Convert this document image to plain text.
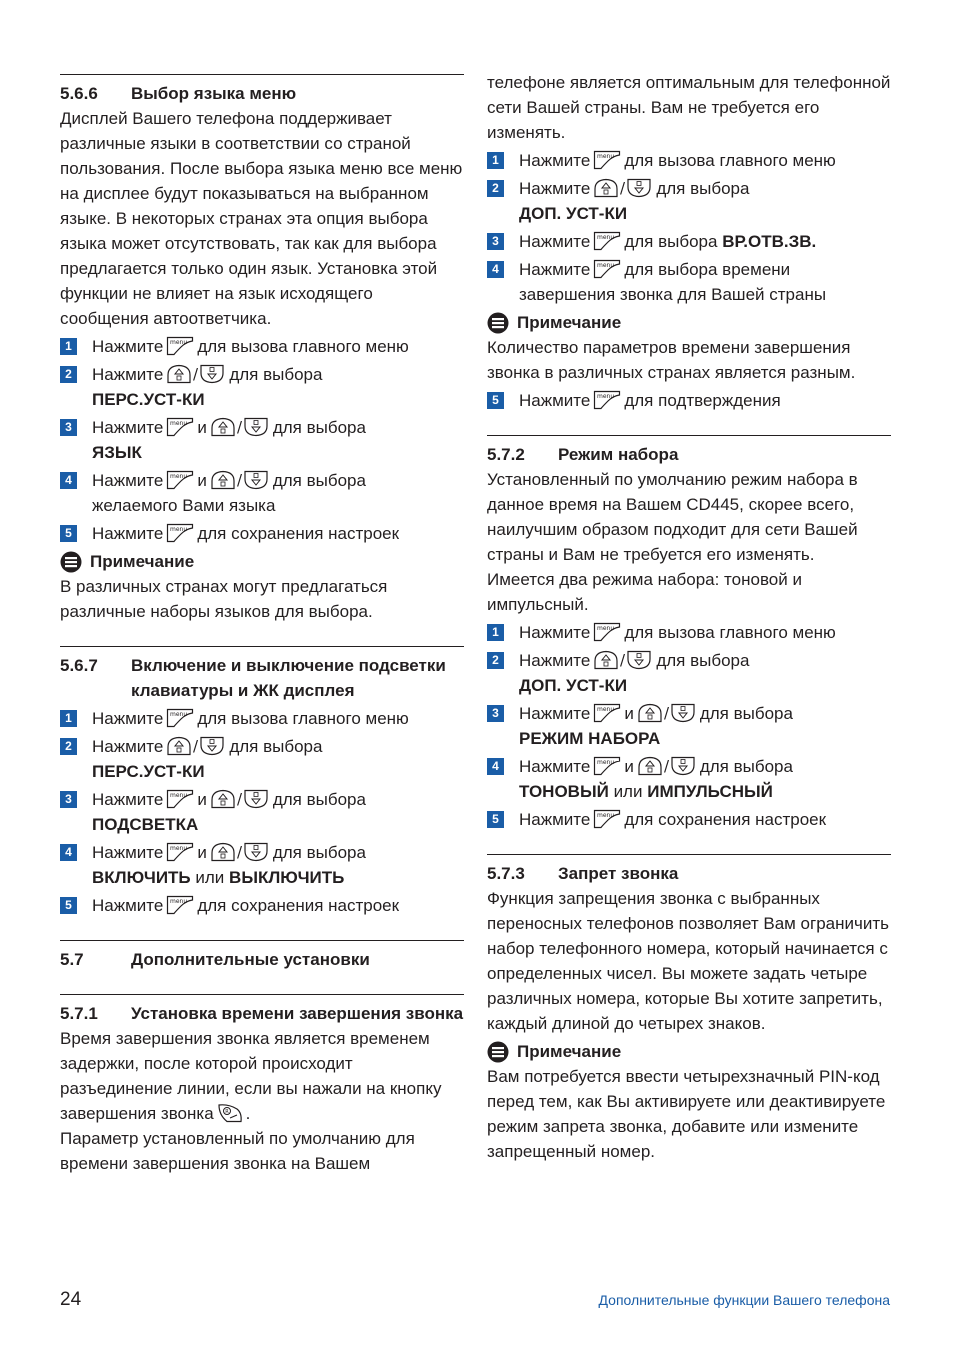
5.6.6	Выбор языка меню
Дисплей Вашего телефона поддерживает различные языки в соответствии со страной пользования. После выбора языка меню все меню на дисплее будут показываться на выбранном языке. В некоторых странах эта опция выбора языка может отсутствовать, так как для выбора предлагается только один язык. Установка этой функции не влияет на язык исходящего сообщения автоответчика.
1	Нажмите menu для вызова главного меню
2	Нажмите / для выбора
ПЕРС.УСТ-КИ
3	Нажмите menu и / для выбора
ЯЗЫК
4	Нажмите menu и / для выбора
желаемого Вами языка
5	Нажмите menu для сохранения настроек
Примечание
В различных странах могут предлагаться различные наборы языков для выбора.
5.6.7	Включение и выключение подсветки клавиатуры и ЖК дисплея
1	Нажмите menu для вызова главного меню
2	Нажмите / для выбора
ПЕРС.УСТ-КИ
3	Нажмите menu и / для выбора
ПОДСВЕТКА
4	Нажмите menu и / для выбора
ВКЛЮЧИТЬ или ВЫКЛЮЧИТЬ
5	Нажмите menu для сохранения настроек
5.7	Дополнительные установки
5.7.1	Установка времени завершения звонка
Время завершения звонка является временем задержки, после которой происходит разъединение линии, если вы нажали на кнопку завершения звонка R .
Параметр установленный по умолчанию для времени завершения звонка на Вашем
телефоне является оптимальным для телефонной сети Вашей страны. Вам не требуется его изменять.
1	Нажмите menu для вызова главного меню
2	Нажмите / для выбора
ДОП. УСТ-КИ
3	Нажмите menu для выбора ВР.ОТВ.ЗВ.
4	Нажмите menu для выбора времени завершения звонка для Вашей страны
Примечание
Количество параметров времени завершения звонка в различных странах является разным.
5	Нажмите menu для подтверждения
5.7.2	Режим набора
Установленный по умолчанию режим набора в данное время на Вашем CD445, скорее всего, наилучшим образом подходит для сети Вашей страны и Вам не требуется его изменять.
Имеется два режима набора: тоновой и импульсный.
1	Нажмите menu для вызова главного меню
2	Нажмите / для выбора
ДОП. УСТ-КИ
3	Нажмите menu и / для выбора
РЕЖИМ НАБОРА
4	Нажмите menu и / для выбора
ТОНОВЫЙ или ИМПУЛЬСНЫЙ
5	Нажмите menu для сохранения настроек
5.7.3	Запрет звонка
Функция запрещения звонка с выбранных переносных телефонов позволяет Вам ограничить набор телефонного номера, который начинается с определенных чисел. Вы можете задать четыре различных номера, которые Вы хотите запретить, каждый длиной до четырех знаков.
Примечание
Вам потребуется ввести четырехзначный PIN-код перед тем, как Вы активируете или деактивируете режим запрета звонка, добавите или измените запрещенный номер.
24	Дополнительные функции Вашего телефона
